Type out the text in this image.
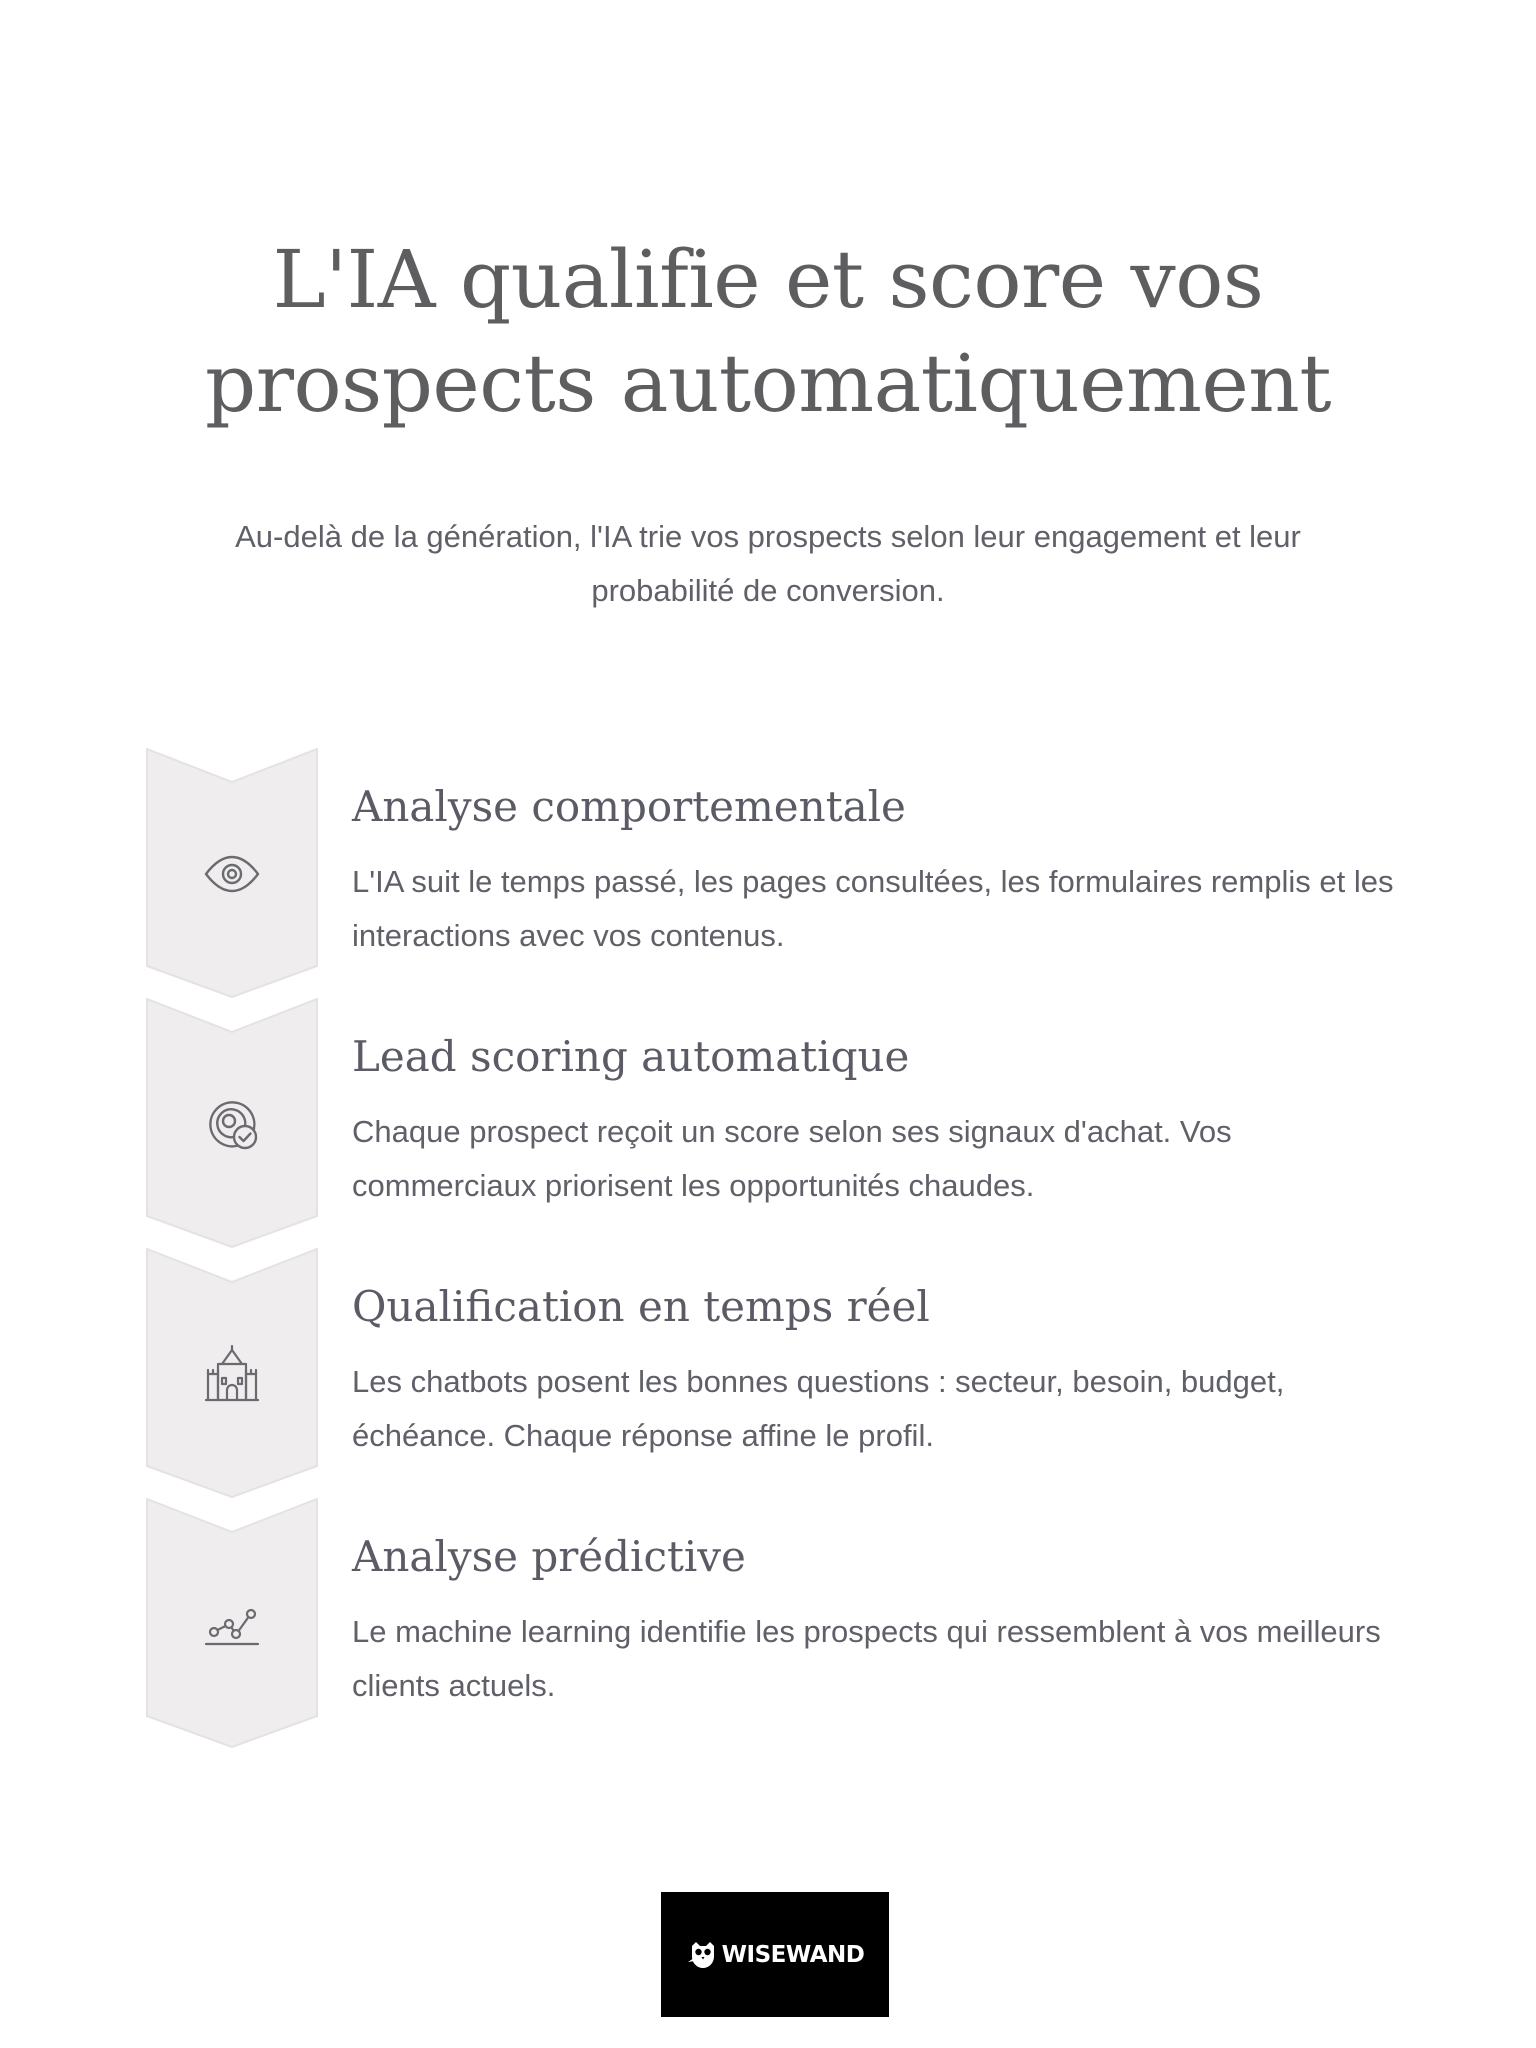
L'IA qualifie et score vos
prospects automatiquement

Au-delà de la génération, l'IA trie vos prospects selon leur engagement et leur
probabilité de conversion.

Analyse comportementale

L'IA suit le temps passé, les pages consultées, les formulaires remplis et les interactions avec vos contenus.

Lead scoring automatique

Chaque prospect reçoit un score selon ses signaux d'achat. Vos commerciaux priorisent les opportunités chaudes.

Qualification en temps réel

Les chatbots posent les bonnes questions : secteur, besoin, budget, échéance. Chaque réponse affine le profil.

Analyse prédictive

Le machine learning identifie les prospects qui ressemblent à vos meilleurs clients actuels.

WISEWAND
